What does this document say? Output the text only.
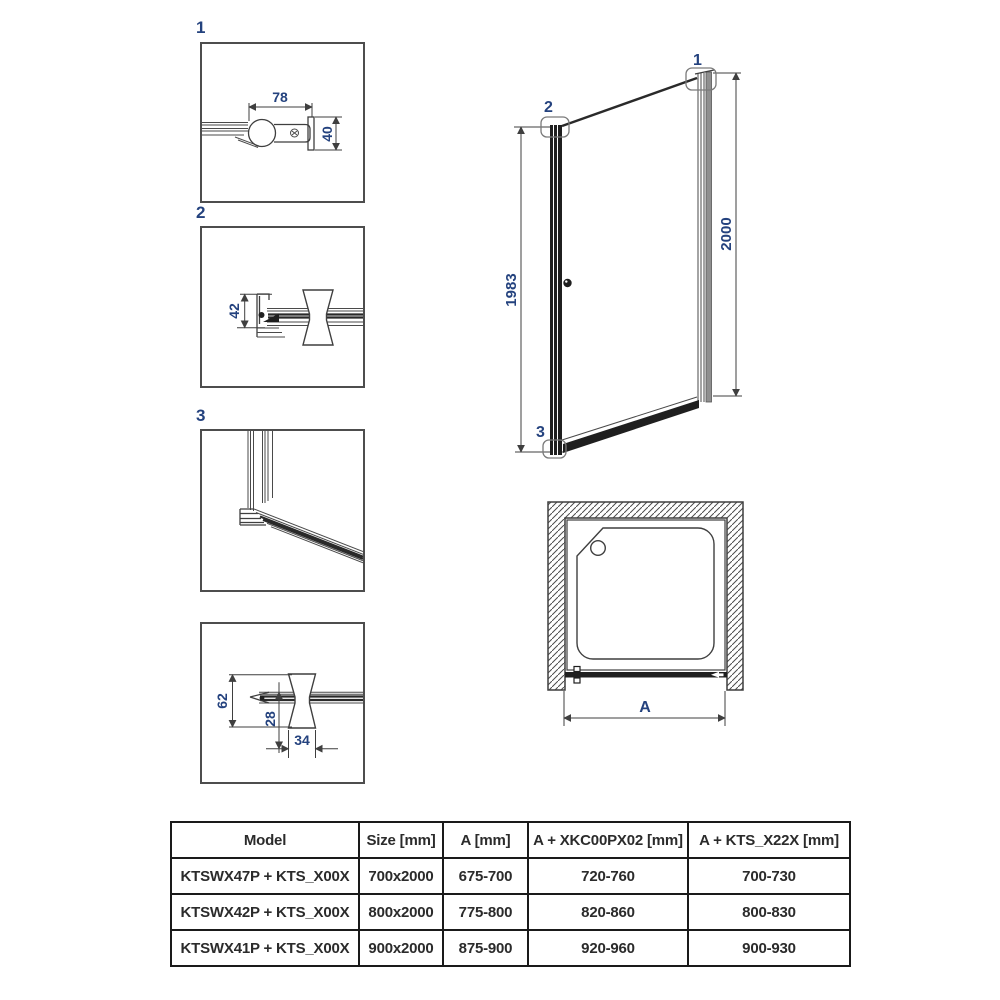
1
78
40
2
42
3
62
28
34
1983
2000
1
2
3
A
Model	Size [mm]	A [mm]	A + XKC00PX02 [mm]	A + KTS_X22X [mm]
KTSWX47P + KTS_X00X	700x2000	675-700	720-760	700-730
KTSWX42P + KTS_X00X	800x2000	775-800	820-860	800-830
KTSWX41P + KTS_X00X	900x2000	875-900	920-960	900-930
